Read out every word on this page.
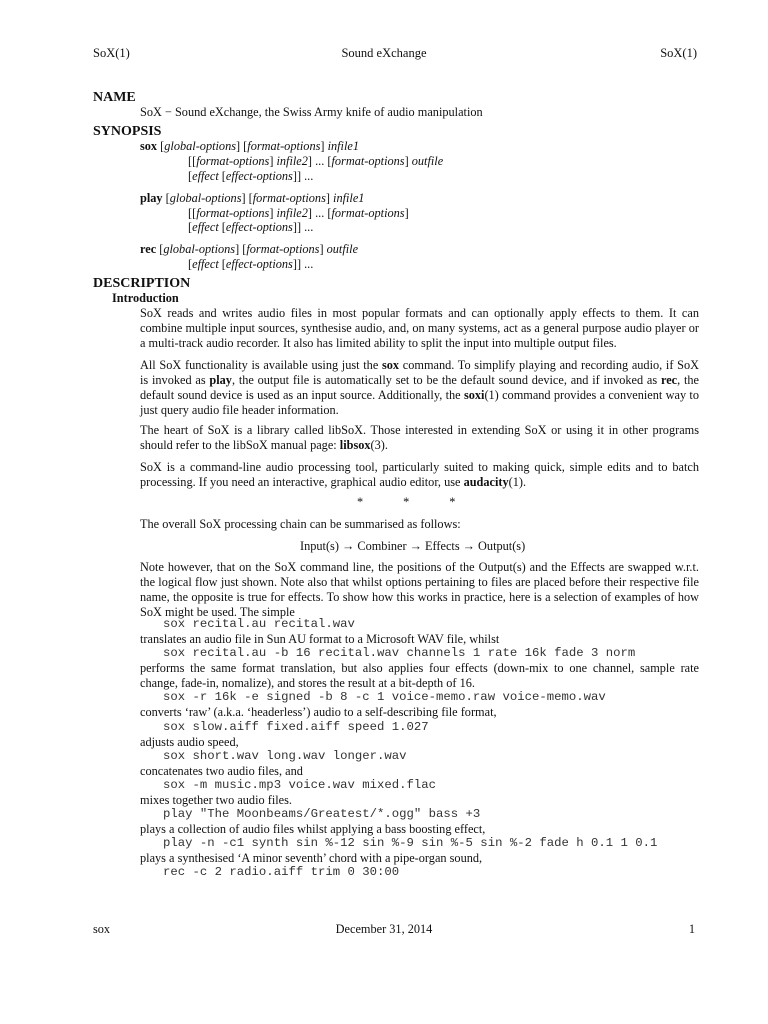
SoX(1)	Sound eXchange	SoX(1)
NAME
SoX − Sound eXchange, the Swiss Army knife of audio manipulation
SYNOPSIS
sox [global-options] [format-options] infile1
[[format-options] infile2] ... [format-options] outfile
[effect [effect-options]] ...
play [global-options] [format-options] infile1
[[format-options] infile2] ... [format-options]
[effect [effect-options]] ...
rec [global-options] [format-options] outfile
[effect [effect-options]] ...
DESCRIPTION
Introduction

SoX reads and writes audio files in most popular formats and can optionally apply effects to them. It can combine multiple input sources, synthesise audio, and, on many systems, act as a general purpose audio player or a multi-track audio recorder. It also has limited ability to split the input into multiple output files.

All SoX functionality is available using just the sox command. To simplify playing and recording audio, if SoX is invoked as play, the output file is automatically set to be the default sound device, and if invoked as rec, the default sound device is used as an input source. Additionally, the soxi(1) command provides a convenient way to just query audio file header information.

The heart of SoX is a library called libSoX. Those interested in extending SoX or using it in other programs should refer to the libSoX manual page: libsox(3).

SoX is a command-line audio processing tool, particularly suited to making quick, simple edits and to batch processing. If you need an interactive, graphical audio editor, use audacity(1).

*             *             *
The overall SoX processing chain can be summarised as follows:
Input(s) → Combiner → Effects → Output(s)

Note however, that on the SoX command line, the positions of the Output(s) and the Effects are swapped w.r.t. the logical flow just shown. Note also that whilst options pertaining to files are placed before their respective file name, the opposite is true for effects. To show how this works in practice, here is a selection of examples of how SoX might be used. The simple

sox recital.au recital.wav
translates an audio file in Sun AU format to a Microsoft WAV file, whilst
sox recital.au -b 16 recital.wav channels 1 rate 16k fade 3 norm

performs the same format translation, but also applies four effects (down-mix to one channel, sample rate change, fade-in, nomalize), and stores the result at a bit-depth of 16.

sox -r 16k -e signed -b 8 -c 1 voice-memo.raw voice-memo.wav
converts ‘raw’ (a.k.a. ‘headerless’) audio to a self-describing file format,
sox slow.aiff fixed.aiff speed 1.027
adjusts audio speed,
sox short.wav long.wav longer.wav
concatenates two audio files, and
sox -m music.mp3 voice.wav mixed.flac
mixes together two audio files.
play "The Moonbeams/Greatest/*.ogg" bass +3
plays a collection of audio files whilst applying a bass boosting effect,
play -n -c1 synth sin %-12 sin %-9 sin %-5 sin %-2 fade h 0.1 1 0.1
plays a synthesised ‘A minor seventh’ chord with a pipe-organ sound,
rec -c 2 radio.aiff trim 0 30:00
sox	December 31, 2014	1
